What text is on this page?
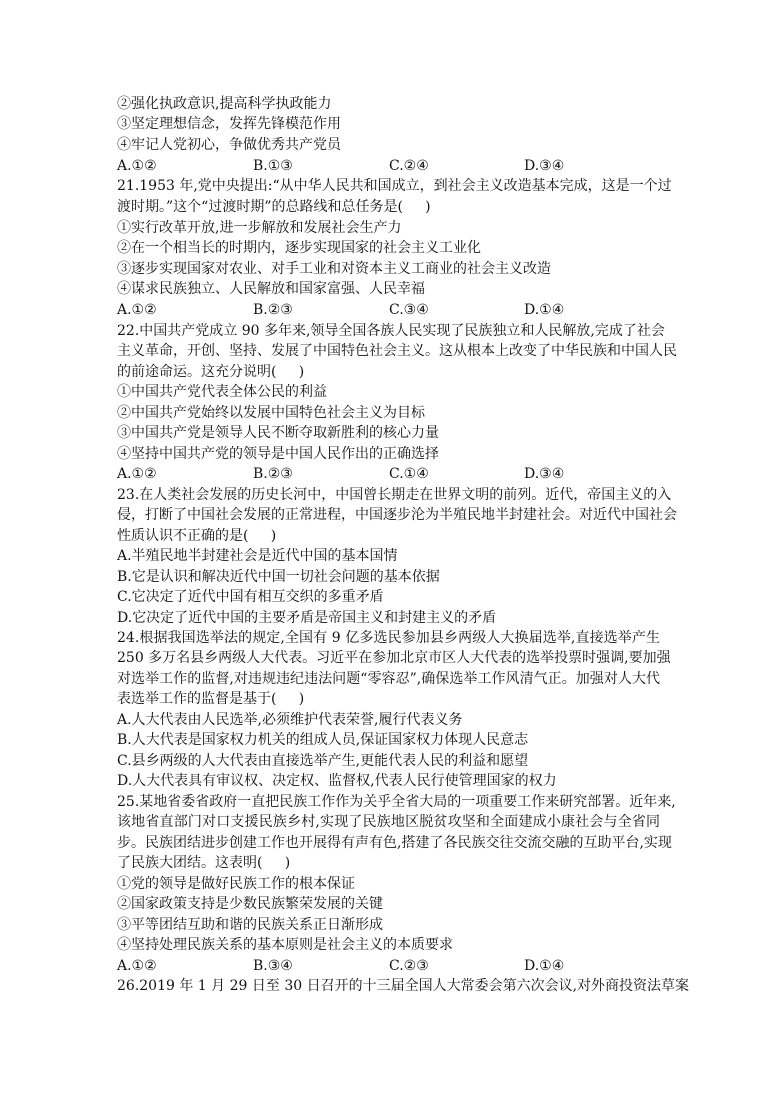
②强化执政意识,提高科学执政能力
③坚定理想信念，发挥先锋模范作用
④牢记人党初心，争做优秀共产党员
A.①②	B.①③	C.②④	D.③④
21.1953 年,党中央提出:“从中华人民共和国成立，到社会主义改造基本完成，这是一个过
渡时期。”这个“过渡时期”的总路线和总任务是(     )
①实行改革开放,进一步解放和发展社会生产力
②在一个相当长的时期内，逐步实现国家的社会主义工业化
③逐步实现国家对农业、对手工业和对资本主义工商业的社会主义改造
④谋求民族独立、人民解放和国家富强、人民幸福
A.①②	B.②③	C.③④	D.①④
22.中国共产党成立 90 多年来,领导全国各族人民实现了民族独立和人民解放,完成了社会
主义革命，开创、坚持、发展了中国特色社会主义。这从根本上改变了中华民族和中国人民
的前途命运。这充分说明(     )
①中国共产党代表全体公民的利益
②中国共产党始终以发展中国特色社会主义为目标
③中国共产党是领导人民不断夺取新胜利的核心力量
④坚持中国共产党的领导是中国人民作出的正确选择
A.①②	B.②③	C.①④	D.③④
23.在人类社会发展的历史长河中，中国曾长期走在世界文明的前列。近代，帝国主义的入
侵，打断了中国社会发展的正常进程，中国逐步沦为半殖民地半封建社会。对近代中国社会
性质认识不正确的是(     )
A.半殖民地半封建社会是近代中国的基本国情
B.它是认识和解决近代中国一切社会问题的基本依据
C.它决定了近代中国有相互交织的多重矛盾
D.它决定了近代中国的主要矛盾是帝国主义和封建主义的矛盾
24.根据我国选举法的规定,全国有 9 亿多选民参加县乡两级人大换届选举,直接选举产生
250 多万名县乡两级人大代表。习近平在参加北京市区人大代表的选举投票时强调,要加强
对选举工作的监督,对违规违纪违法问题“零容忍”,确保选举工作风清气正。加强对人大代
表选举工作的监督是基于(     )
A.人大代表由人民选举,必须维护代表荣誉,履行代表义务
B.人大代表是国家权力机关的组成人员,保证国家权力体现人民意志
C.县乡两级的人大代表由直接选举产生,更能代表人民的利益和愿望
D.人大代表具有审议权、决定权、监督权,代表人民行使管理国家的权力
25.某地省委省政府一直把民族工作作为关乎全省大局的一项重要工作来研究部署。近年来,
该地省直部门对口支援民族乡村,实现了民族地区脱贫攻坚和全面建成小康社会与全省同
步。民族团结进步创建工作也开展得有声有色,搭建了各民族交往交流交融的互助平台,实现
了民族大团结。这表明(     )
①党的领导是做好民族工作的根本保证
②国家政策支持是少数民族繁荣发展的关键
③平等团结互助和谐的民族关系正日渐形成
④坚持处理民族关系的基本原则是社会主义的本质要求
A.①②	B.③④	C.②③	D.①④
26.2019 年 1 月 29 日至 30 日召开的十三届全国人大常委会第六次会议,对外商投资法草案
